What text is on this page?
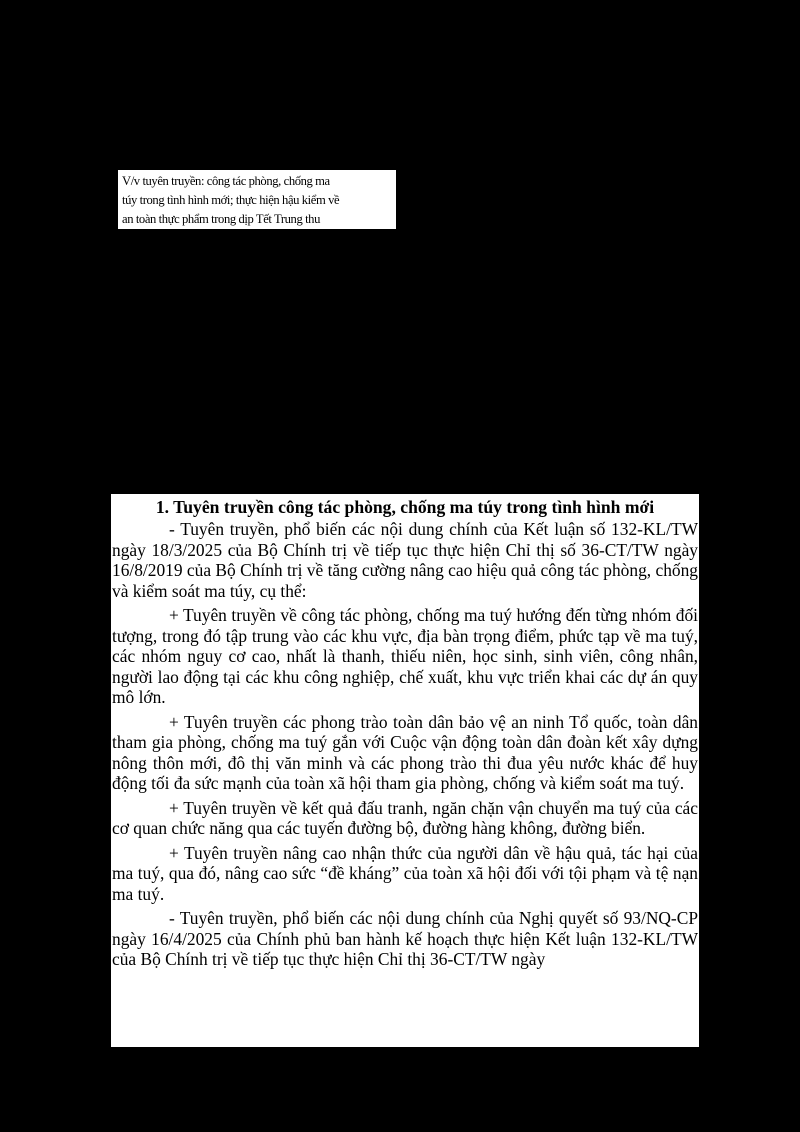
V/v tuyên truyền: công tác phòng, chống ma
túy trong tình hình mới; thực hiện hậu kiểm về
an toàn thực phẩm trong dịp Tết Trung thu

1. Tuyên truyền công tác phòng, chống ma túy trong tình hình mới

- Tuyên truyền, phổ biến các nội dung chính của Kết luận số 132-KL/TW ngày 18/3/2025 của Bộ Chính trị về tiếp tục thực hiện Chỉ thị số 36-CT/TW ngày 16/8/2019 của Bộ Chính trị về tăng cường nâng cao hiệu quả công tác phòng, chống và kiểm soát ma túy, cụ thể:

+ Tuyên truyền về công tác phòng, chống ma tuý hướng đến từng nhóm đối tượng, trong đó tập trung vào các khu vực, địa bàn trọng điểm, phức tạp về ma tuý, các nhóm nguy cơ cao, nhất là thanh, thiếu niên, học sinh, sinh viên, công nhân, người lao động tại các khu công nghiệp, chế xuất, khu vực triển khai các dự án quy mô lớn.

+ Tuyên truyền các phong trào toàn dân bảo vệ an ninh Tổ quốc, toàn dân tham gia phòng, chống ma tuý gắn với Cuộc vận động toàn dân đoàn kết xây dựng nông thôn mới, đô thị văn minh và các phong trào thi đua yêu nước khác để huy động tối đa sức mạnh của toàn xã hội tham gia phòng, chống và kiểm soát ma tuý.

+ Tuyên truyền về kết quả đấu tranh, ngăn chặn vận chuyển ma tuý của các cơ quan chức năng qua các tuyến đường bộ, đường hàng không, đường biển.

+ Tuyên truyền nâng cao nhận thức của người dân về hậu quả, tác hại của ma tuý, qua đó, nâng cao sức “đề kháng” của toàn xã hội đối với tội phạm và tệ nạn ma tuý.

- Tuyên truyền, phổ biến các nội dung chính của Nghị quyết số 93/NQ-CP ngày 16/4/2025 của Chính phủ ban hành kế hoạch thực hiện Kết luận 132-KL/TW của Bộ Chính trị về tiếp tục thực hiện Chỉ thị 36-CT/TW ngày
